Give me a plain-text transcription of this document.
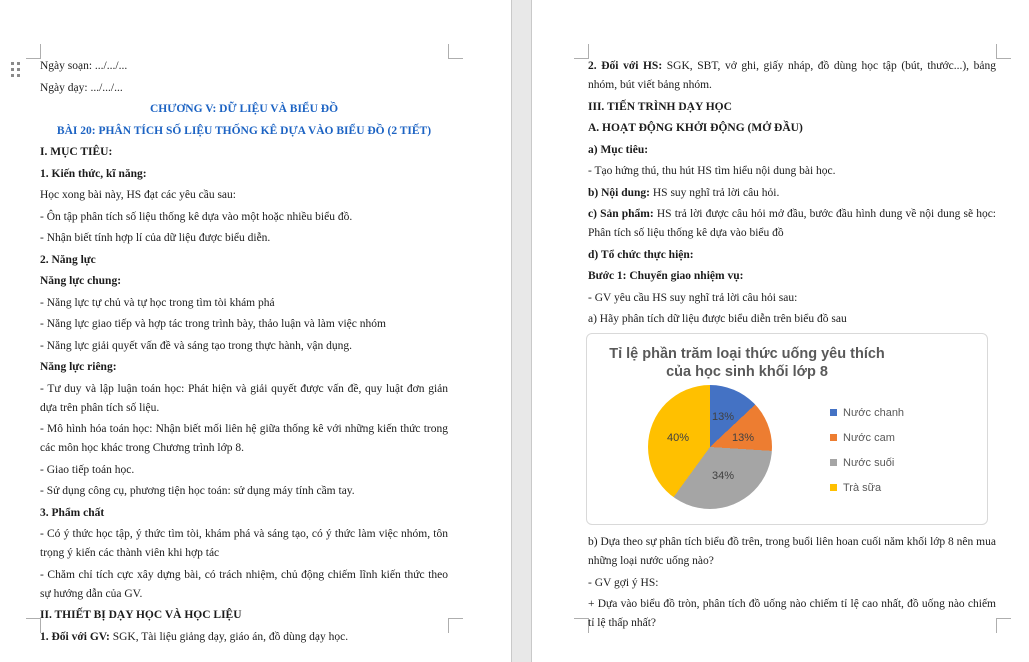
Ngày soạn: .../.../...

Ngày dạy: .../.../...

CHƯƠNG V: DỮ LIỆU VÀ BIỂU ĐỒ

BÀI 20: PHÂN TÍCH SỐ LIỆU THỐNG KÊ DỰA VÀO BIỂU ĐỒ (2 TIẾT)

I. MỤC TIÊU:

1. Kiến thức, kĩ năng:

Học xong bài này, HS đạt các yêu cầu sau:

- Ôn tập phân tích số liệu thống kê dựa vào một hoặc nhiều biểu đồ.

- Nhận biết tính hợp lí của dữ liệu được biểu diễn.

2. Năng lực

Năng lực chung:

- Năng lực tự chủ và tự học trong tìm tòi khám phá

- Năng lực giao tiếp và hợp tác trong trình bày, thảo luận và làm việc nhóm

- Năng lực giải quyết vấn đề và sáng tạo trong thực hành, vận dụng.

Năng lực riêng:

- Tư duy và lập luận toán học: Phát hiện và giải quyết được vấn đề, quy luật đơn giản dựa trên phân tích số liệu.

- Mô hình hóa toán học: Nhận biết mối liên hệ giữa thống kê với những kiến thức trong các môn học khác trong Chương trình lớp 8.

- Giao tiếp toán học.

- Sử dụng công cụ, phương tiện học toán: sử dụng máy tính cầm tay.

3. Phẩm chất

- Có ý thức học tập, ý thức tìm tòi, khám phá và sáng tạo, có ý thức làm việc nhóm, tôn trọng ý kiến các thành viên khi hợp tác

- Chăm chỉ tích cực xây dựng bài, có trách nhiệm, chủ động chiếm lĩnh kiến thức theo sự hướng dẫn của GV.

II. THIẾT BỊ DẠY HỌC VÀ HỌC LIỆU

1. Đối với GV: SGK, Tài liệu giảng dạy, giáo án, đồ dùng dạy học.

2. Đối với HS: SGK, SBT, vở ghi, giấy nháp, đồ dùng học tập (bút, thước...), bảng nhóm, bút viết bảng nhóm.

III. TIẾN TRÌNH DẠY HỌC

A. HOẠT ĐỘNG KHỞI ĐỘNG (MỞ ĐẦU)

a) Mục tiêu:

- Tạo hứng thú, thu hút HS tìm hiểu nội dung bài học.

b) Nội dung: HS suy nghĩ trả lời câu hỏi.

c) Sản phẩm: HS trả lời được câu hỏi mở đầu, bước đầu hình dung về nội dung sẽ học: Phân tích số liệu thống kê dựa vào biểu đồ

d) Tổ chức thực hiện:

Bước 1: Chuyển giao nhiệm vụ:

- GV yêu cầu HS suy nghĩ trả lời câu hỏi sau:

a) Hãy phân tích dữ liệu được biểu diễn trên biểu đồ sau

Tỉ lệ phần trăm loại thức uống yêu thích của học sinh khối lớp 8
13%
13%
34%
40%
Nước chanh
Nước cam
Nước suối
Trà sữa

b) Dựa theo sự phân tích biểu đồ trên, trong buổi liên hoan cuối năm khối lớp 8 nên mua những loại nước uống nào?

- GV gợi ý HS:

+ Dựa vào biểu đồ tròn, phân tích đồ uống nào chiếm tỉ lệ cao nhất, đồ uống nào chiếm tỉ lệ thấp nhất?
